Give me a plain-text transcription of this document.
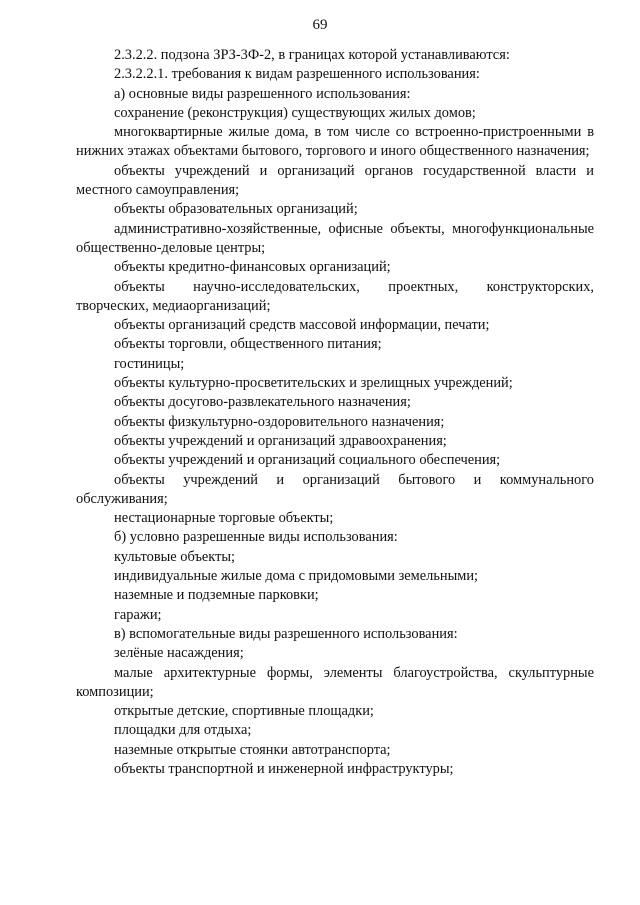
69

2.3.2.2. подзона ЗРЗ-3Ф-2, в границах которой устанавливаются:

2.3.2.2.1. требования к видам разрешенного использования:

а) основные виды разрешенного использования:

сохранение (реконструкция) существующих жилых домов;

многоквартирные жилые дома, в том числе со встроенно-пристроенными в нижних этажах объектами бытового, торгового и иного общественного назначения;

объекты учреждений и организаций органов государственной власти и местного самоуправления;

объекты образовательных организаций;

административно-хозяйственные, офисные объекты, многофункциональные общественно-деловые центры;

объекты кредитно-финансовых организаций;

объекты научно-исследовательских, проектных, конструкторских, творческих, медиаорганизаций;

объекты организаций средств массовой информации, печати;

объекты торговли, общественного питания;

гостиницы;

объекты культурно-просветительских и зрелищных учреждений;

объекты досугово-развлекательного назначения;

объекты физкультурно-оздоровительного назначения;

объекты учреждений и организаций здравоохранения;

объекты учреждений и организаций социального обеспечения;

объекты учреждений и организаций бытового и коммунального обслуживания;

нестационарные торговые объекты;

б) условно разрешенные виды использования:

культовые объекты;

индивидуальные жилые дома с придомовыми земельными;

наземные и подземные парковки;

гаражи;

в) вспомогательные виды разрешенного использования:

зелёные насаждения;

малые архитектурные формы, элементы благоустройства, скульптурные композиции;

открытые детские, спортивные площадки;

площадки для отдыха;

наземные открытые стоянки автотранспорта;

объекты транспортной и инженерной инфраструктуры;
